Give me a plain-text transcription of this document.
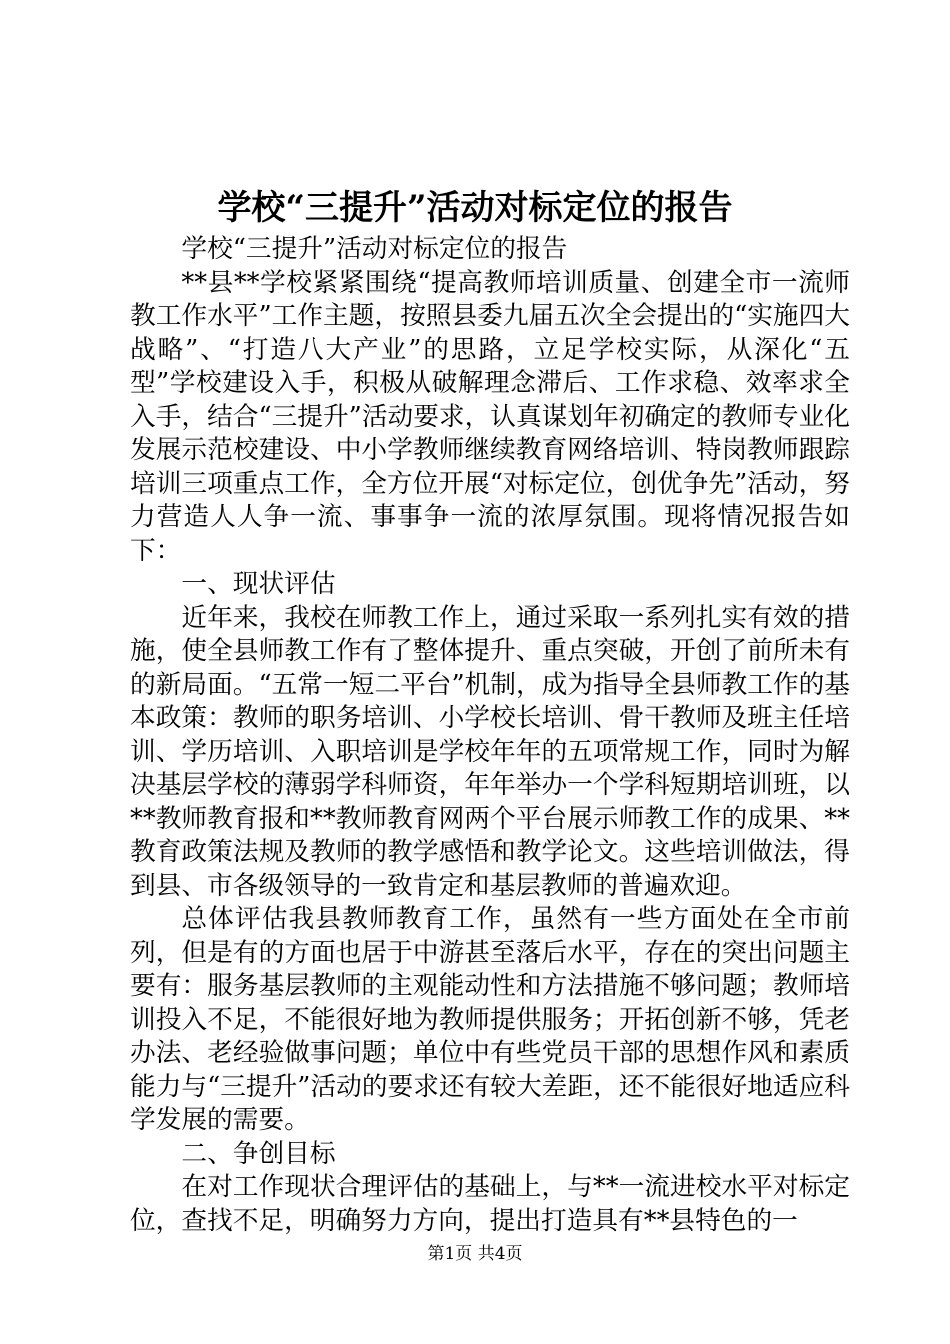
学校“三提升”活动对标定位的报告

学校“三提升”活动对标定位的报告

**县**学校紧紧围绕“提高教师培训质量、创建全市一流师教工作水平”工作主题，按照县委九届五次全会提出的“实施四大战略”、“打造八大产业”的思路，立足学校实际，从深化“五型”学校建设入手，积极从破解理念滞后、工作求稳、效率求全入手，结合“三提升”活动要求，认真谋划年初确定的教师专业化发展示范校建设、中小学教师继续教育网络培训、特岗教师跟踪培训三项重点工作，全方位开展“对标定位，创优争先”活动，努力营造人人争一流、事事争一流的浓厚氛围。现将情况报告如下：

一、现状评估

近年来，我校在师教工作上，通过采取一系列扎实有效的措施，使全县师教工作有了整体提升、重点突破，开创了前所未有的新局面。“五常一短二平台”机制，成为指导全县师教工作的基本政策：教师的职务培训、小学校长培训、骨干教师及班主任培训、学历培训、入职培训是学校年年的五项常规工作，同时为解决基层学校的薄弱学科师资，年年举办一个学科短期培训班，以**教师教育报和**教师教育网两个平台展示师教工作的成果、**教育政策法规及教师的教学感悟和教学论文。这些培训做法，得到县、市各级领导的一致肯定和基层教师的普遍欢迎。

总体评估我县教师教育工作，虽然有一些方面处在全市前列，但是有的方面也居于中游甚至落后水平，存在的突出问题主要有：服务基层教师的主观能动性和方法措施不够问题；教师培训投入不足，不能很好地为教师提供服务；开拓创新不够，凭老办法、老经验做事问题；单位中有些党员干部的思想作风和素质能力与“三提升”活动的要求还有较大差距，还不能很好地适应科学发展的需要。

二、争创目标

在对工作现状合理评估的基础上，与**一流进校水平对标定位，查找不足，明确努力方向，提出打造具有**县特色的一

第1页 共4页
